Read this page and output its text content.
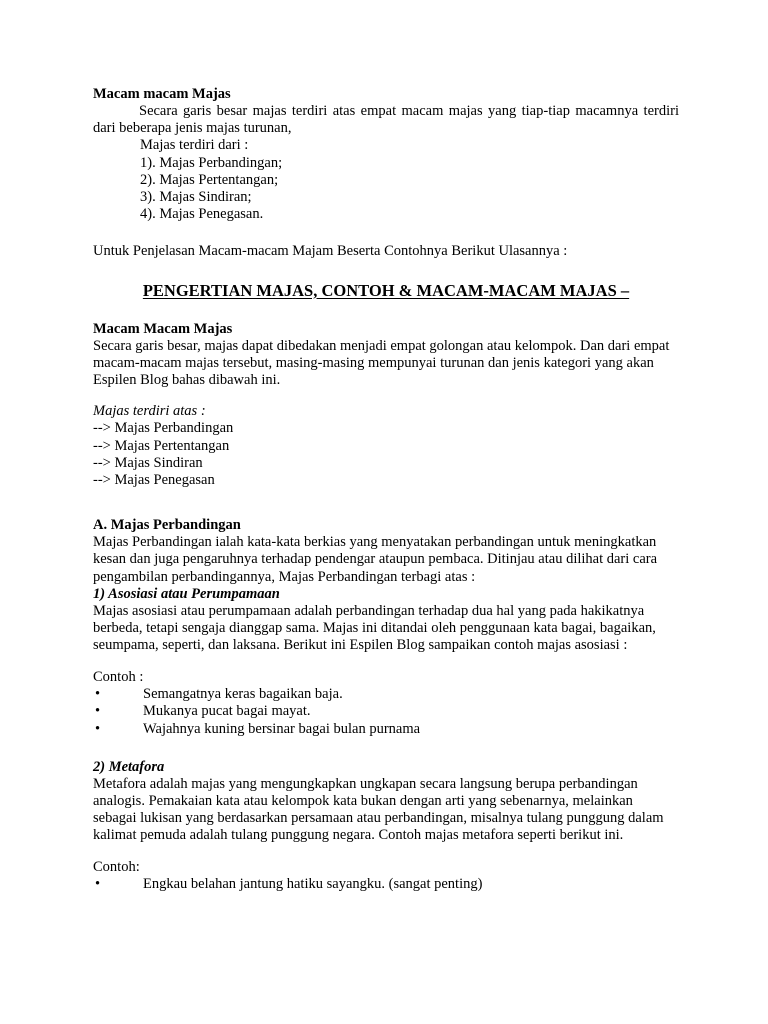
Macam macam Majas
Secara garis besar majas terdiri atas empat macam majas yang tiap-tiap macamnya terdiri dari beberapa jenis majas turunan,
Majas terdiri dari :
1). Majas Perbandingan;
2). Majas Pertentangan;
3). Majas Sindiran;
4). Majas Penegasan.
Untuk Penjelasan Macam-macam Majam Beserta Contohnya Berikut Ulasannya :
PENGERTIAN MAJAS, CONTOH & MACAM-MACAM MAJAS –
Macam Macam Majas
Secara garis besar, majas dapat dibedakan menjadi empat golongan atau kelompok. Dan dari empat macam-macam majas tersebut, masing-masing mempunyai turunan dan jenis kategori yang akan Espilen Blog bahas dibawah ini.
Majas terdiri atas :
--> Majas Perbandingan
--> Majas Pertentangan
--> Majas Sindiran
--> Majas Penegasan
A. Majas Perbandingan
Majas Perbandingan ialah kata-kata berkias yang menyatakan perbandingan untuk meningkatkan kesan dan juga pengaruhnya terhadap pendengar ataupun pembaca. Ditinjau atau dilihat dari cara pengambilan perbandingannya, Majas Perbandingan terbagi atas :
1) Asosiasi atau Perumpamaan
Majas asosiasi atau perumpamaan adalah perbandingan terhadap dua hal yang pada hakikatnya berbeda, tetapi sengaja dianggap sama. Majas ini ditandai oleh penggunaan kata bagai, bagaikan, seumpama, seperti, dan laksana. Berikut ini Espilen Blog sampaikan contoh majas asosiasi :
Contoh :
•	Semangatnya keras bagaikan baja.
•	Mukanya pucat bagai mayat.
•	Wajahnya kuning bersinar bagai bulan purnama
2) Metafora
Metafora adalah majas yang mengungkapkan ungkapan secara langsung berupa perbandingan analogis. Pemakaian kata atau kelompok kata bukan dengan arti yang sebenarnya, melainkan sebagai lukisan yang berdasarkan persamaan atau perbandingan, misalnya tulang punggung dalam kalimat pemuda adalah tulang punggung negara. Contoh majas metafora seperti berikut ini.
Contoh:
•	Engkau belahan jantung hatiku sayangku. (sangat penting)
